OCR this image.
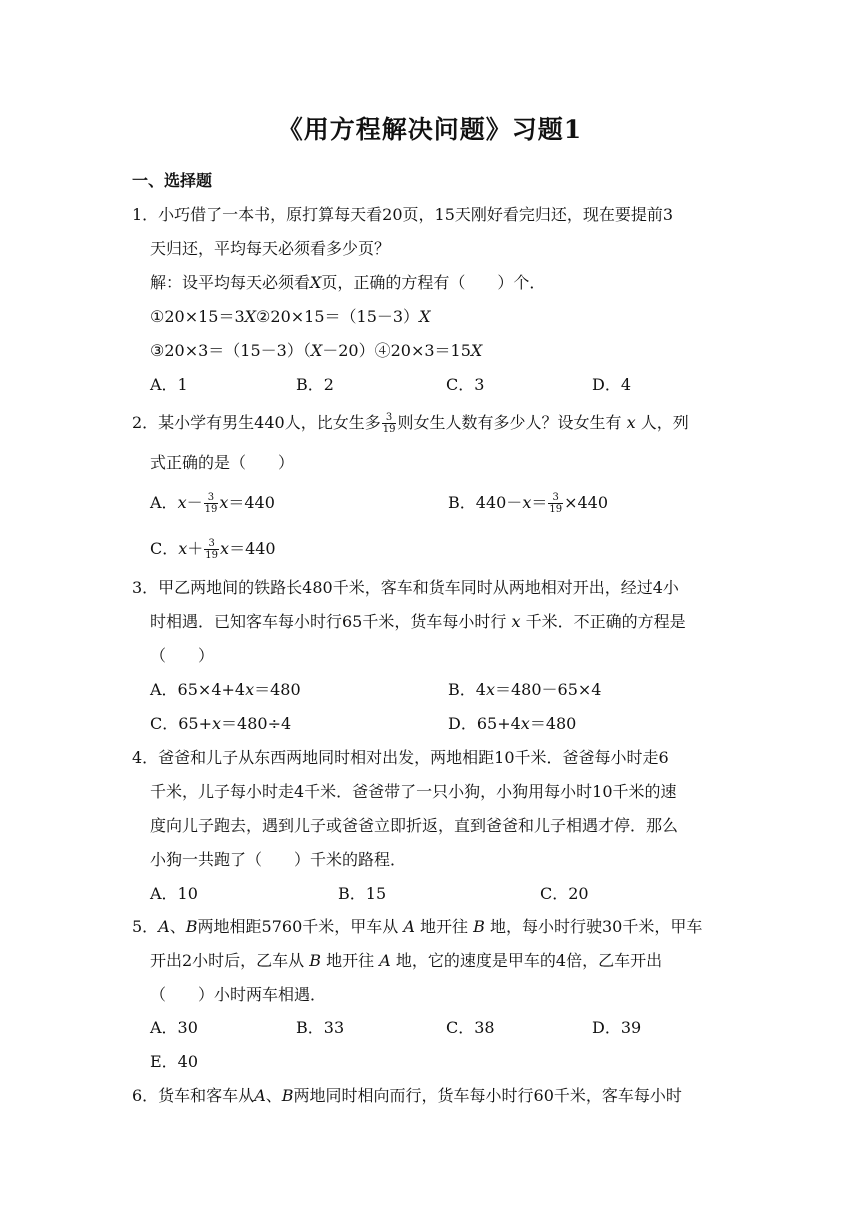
《用方程解决问题》习题1
一、选择题
1．小巧借了一本书，原打算每天看20页，15天刚好看完归还，现在要提前3
天归还，平均每天必须看多少页？
解：设平均每天必须看X页，正确的方程有（　　）个．
①20×15＝3X②20×15＝（15－3）X
③20×3＝（15－3）（X－20）④20×3＝15X
A．1	B．2	C．3	D．4
2．某小学有男生440人，比女生多 $\frac{3}{19}$ 则女生人数有多少人？设女生有 x 人，列
式正确的是（　　）
A．$x- \frac{3}{19} x=440$	B．$440-x= \frac{3}{19} \times 440$
C．$x+ \frac{3}{19} x=440$
3．甲乙两地间的铁路长480千米，客车和货车同时从两地相对开出，经过4小
时相遇．已知客车每小时行65千米，货车每小时行 x 千米．不正确的方程是
（　　）
A．65×4+4x＝480	B．4x＝480－65×4
C．65+x＝480÷4	D．65+4x＝480
4．爸爸和儿子从东西两地同时相对出发，两地相距10千米．爸爸每小时走6
千米，儿子每小时走4千米．爸爸带了一只小狗，小狗用每小时10千米的速
度向儿子跑去，遇到儿子或爸爸立即折返，直到爸爸和儿子相遇才停．那么
小狗一共跑了（　　）千米的路程．
A．10	B．15	C．20
5．A、B两地相距5760千米，甲车从 A 地开往 B 地，每小时行驶30千米，甲车
开出2小时后，乙车从 B 地开往 A 地，它的速度是甲车的4倍，乙车开出
（　　）小时两车相遇．
A．30	B．33	C．38	D．39
E．40
6．货车和客车从A、B两地同时相向而行，货车每小时行60千米，客车每小时
